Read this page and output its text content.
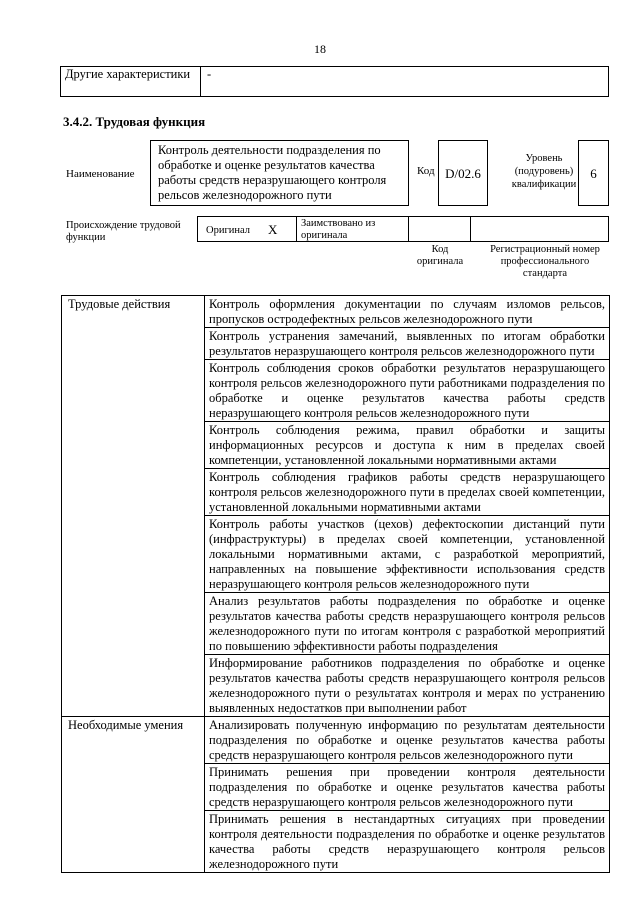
18
Другие характеристики	-
3.4.2. Трудовая функция
Наименование
Контроль деятельности подразделения по обработке и оценке результатов качества работы средств неразрушающего контроля рельсов железнодорожного пути
Код D/02.6
Уровень (подуровень) квалификации
6
Происхождение трудовой функции
Оригинал X Заимствовано из оригинала
Код оригинала
Регистрационный номер профессионального стандарта
Трудовые действия	Контроль оформления документации по случаям изломов рельсов, пропусков остродефектных рельсов железнодорожного пути
	Контроль устранения замечаний, выявленных по итогам обработки результатов неразрушающего контроля рельсов железнодорожного пути
	Контроль соблюдения сроков обработки результатов неразрушающего контроля рельсов железнодорожного пути работниками подразделения по обработке и оценке результатов качества работы средств неразрушающего контроля рельсов железнодорожного пути
	Контроль соблюдения режима, правил обработки и защиты информационных ресурсов и доступа к ним в пределах своей компетенции, установленной локальными нормативными актами
	Контроль соблюдения графиков работы средств неразрушающего контроля рельсов железнодорожного пути в пределах своей компетенции, установленной локальными нормативными актами
	Контроль работы участков (цехов) дефектоскопии дистанций пути (инфраструктуры) в пределах своей компетенции, установленной локальными нормативными актами, с разработкой мероприятий, направленных на повышение эффективности использования средств неразрушающего контроля рельсов железнодорожного пути
	Анализ результатов работы подразделения по обработке и оценке результатов качества работы средств неразрушающего контроля рельсов железнодорожного пути по итогам контроля с разработкой мероприятий по повышению эффективности работы подразделения
	Информирование работников подразделения по обработке и оценке результатов качества работы средств неразрушающего контроля рельсов железнодорожного пути о результатах контроля и мерах по устранению выявленных недостатков при выполнении работ
Необходимые умения	Анализировать полученную информацию по результатам деятельности подразделения по обработке и оценке результатов качества работы средств неразрушающего контроля рельсов железнодорожного пути
	Принимать решения при проведении контроля деятельности подразделения по обработке и оценке результатов качества работы средств неразрушающего контроля рельсов железнодорожного пути
	Принимать решения в нестандартных ситуациях при проведении контроля деятельности подразделения по обработке и оценке результатов качества работы средств неразрушающего контроля рельсов железнодорожного пути
